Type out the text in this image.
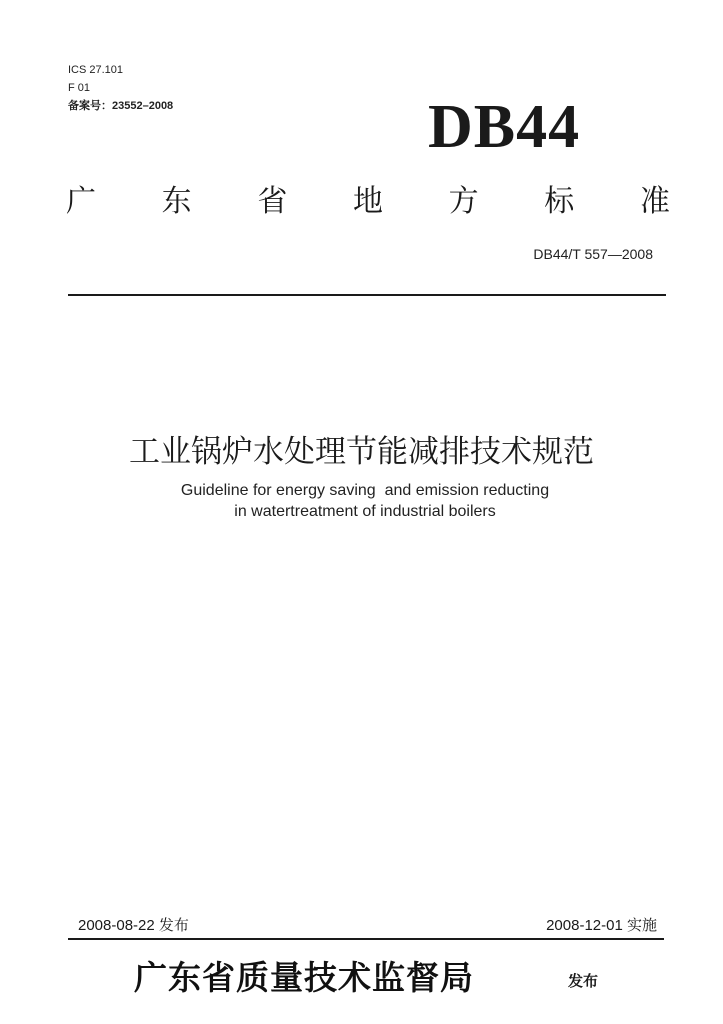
ICS 27.101
F 01
备案号：23552–2008	DB44
广 东 省 地 方 标 准
DB44/T 557—2008
工业锅炉水处理节能减排技术规范
Guideline for energy saving  and emission reducting
in watertreatment of industrial boilers
2008-08-22 发布	2008-12-01 实施
广东省质量技术监督局	发布
